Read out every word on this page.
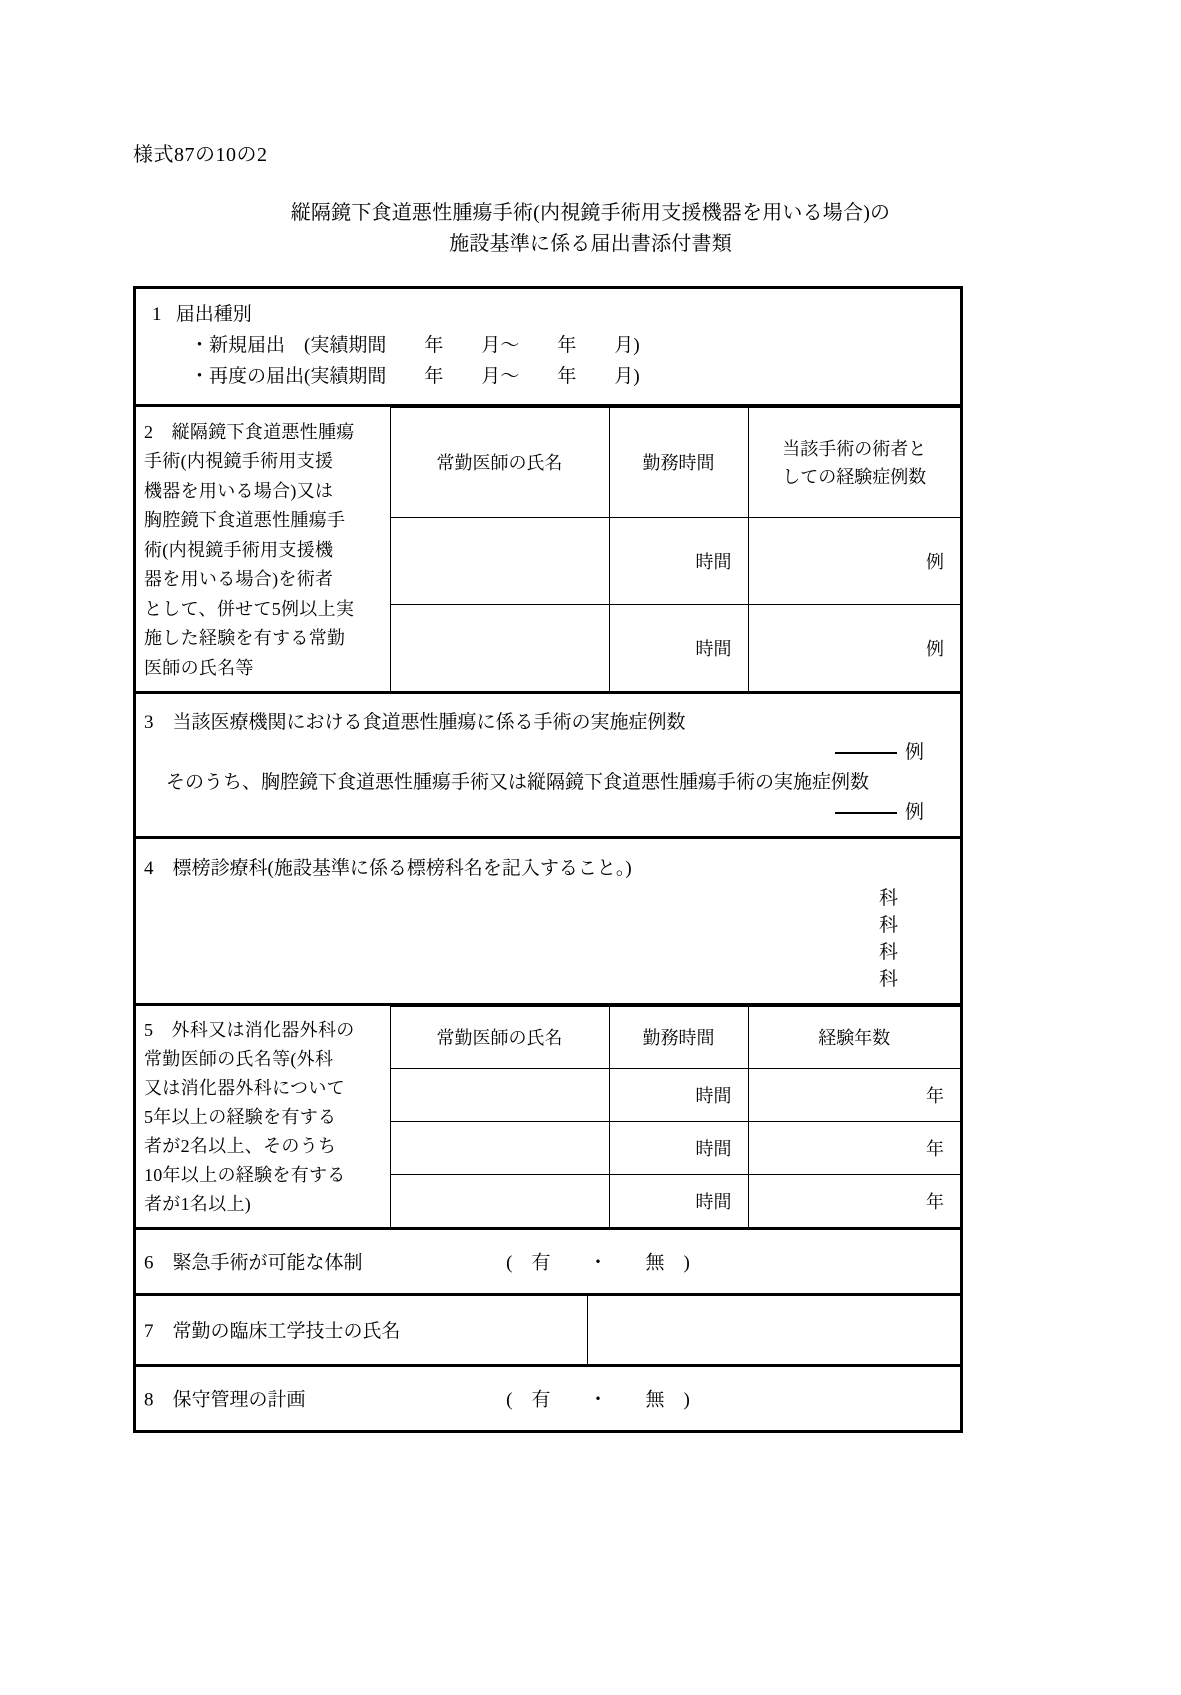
様式87の10の2
縦隔鏡下食道悪性腫瘍手術(内視鏡手術用支援機器を用いる場合)の
施設基準に係る届出書添付書類
1 届出種別
・新規届出　(実績期間　　年　　月～　　年　　月)
・再度の届出(実績期間　　年　　月～　　年　　月)
2　縦隔鏡下食道悪性腫瘍
手術(内視鏡手術用支援
機器を用いる場合)又は
胸腔鏡下食道悪性腫瘍手
術(内視鏡手術用支援機
器を用いる場合)を術者
として、併せて5例以上実
施した経験を有する常勤
医師の氏名等
	常勤医師の氏名	勤務時間	当該手術の術者と
しての経験症例数
		時間	例
		時間	例
3　当該医療機関における食道悪性腫瘍に係る手術の実施症例数
例
そのうち、胸腔鏡下食道悪性腫瘍手術又は縦隔鏡下食道悪性腫瘍手術の実施症例数
例
4　標榜診療科(施設基準に係る標榜科名を記入すること。)
科
科
科
科
5　外科又は消化器外科の
常勤医師の氏名等(外科
又は消化器外科について
5年以上の経験を有する
者が2名以上、そのうち
10年以上の経験を有する
者が1名以上)
	常勤医師の氏名	勤務時間	経験年数
		時間	年
		時間	年
		時間	年
6　緊急手術が可能な体制	(　有　　・　　無　)
7　常勤の臨床工学技士の氏名
8　保守管理の計画	(　有　　・　　無　)
